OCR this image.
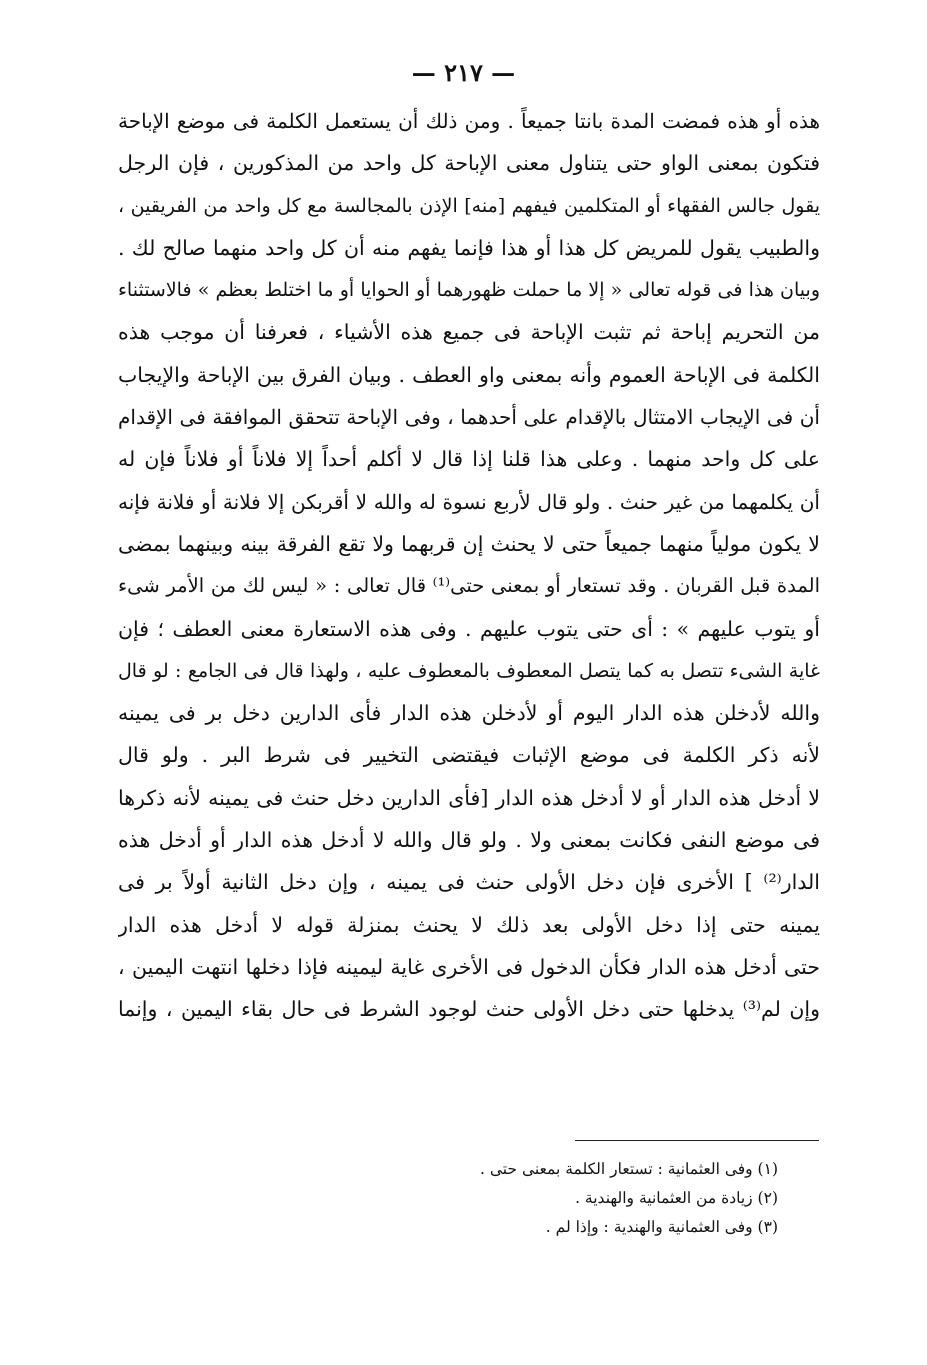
— ٢١٧ —
هذه أو هذه فمضت المدة بانتا جميعاً . ومن ذلك أن يستعمل الكلمة فى موضع الإباحة
فتكون بمعنى الواو حتى يتناول معنى الإباحة كل واحد من المذكورين ، فإن الرجل
يقول جالس الفقهاء أو المتكلمين فيفهم [منه] الإذن بالمجالسة مع كل واحد من الفريقين ،
والطبيب يقول للمريض كل هذا أو هذا فإنما يفهم منه أن كل واحد منهما صالح لك .
وبيان هذا فى قوله تعالى « إلا ما حملت ظهورهما أو الحوايا أو ما اختلط بعظم » فالاستثناء
من التحريم إباحة ثم تثبت الإباحة فى جميع هذه الأشياء ، فعرفنا أن موجب هذه
الكلمة فى الإباحة العموم وأنه بمعنى واو العطف . وبيان الفرق بين الإباحة والإيجاب
أن فى الإيجاب الامتثال بالإقدام على أحدهما ، وفى الإباحة تتحقق الموافقة فى الإقدام
على كل واحد منهما . وعلى هذا قلنا إذا قال لا أكلم أحداً إلا فلاناً أو فلاناً فإن له
أن يكلمهما من غير حنث . ولو قال لأربع نسوة له والله لا أقربكن إلا فلانة أو فلانة فإنه
لا يكون مولياً منهما جميعاً حتى لا يحنث إن قربهما ولا تقع الفرقة بينه وبينهما بمضى
المدة قبل القربان . وقد تستعار أو بمعنى حتى⁽¹⁾ قال تعالى : « ليس لك من الأمر شىء
أو يتوب عليهم » : أى حتى يتوب عليهم . وفى هذه الاستعارة معنى العطف ؛ فإن
غاية الشىء تتصل به كما يتصل المعطوف بالمعطوف عليه ، ولهذا قال فى الجامع : لو قال
والله لأدخلن هذه الدار اليوم أو لأدخلن هذه الدار فأى الدارين دخل بر فى يمينه
لأنه ذكر الكلمة فى موضع الإثبات فيقتضى التخيير فى شرط البر . ولو قال
لا أدخل هذه الدار أو لا أدخل هذه الدار [فأى الدارين دخل حنث فى يمينه لأنه ذكرها
فى موضع النفى فكانت بمعنى ولا . ولو قال والله لا أدخل هذه الدار أو أدخل هذه
الدار⁽²⁾ ] الأخرى فإن دخل الأولى حنث فى يمينه ، وإن دخل الثانية أولاً بر فى
يمينه حتى إذا دخل الأولى بعد ذلك لا يحنث بمنزلة قوله لا أدخل هذه الدار
حتى أدخل هذه الدار فكأن الدخول فى الأخرى غاية ليمينه فإذا دخلها انتهت اليمين ،
وإن لم⁽³⁾ يدخلها حتى دخل الأولى حنث لوجود الشرط فى حال بقاء اليمين ، وإنما
(١) وفى العثمانية : تستعار الكلمة بمعنى حتى .
(٢) زيادة من العثمانية والهندية .
(٣) وفى العثمانية والهندية : وإذا لم .
